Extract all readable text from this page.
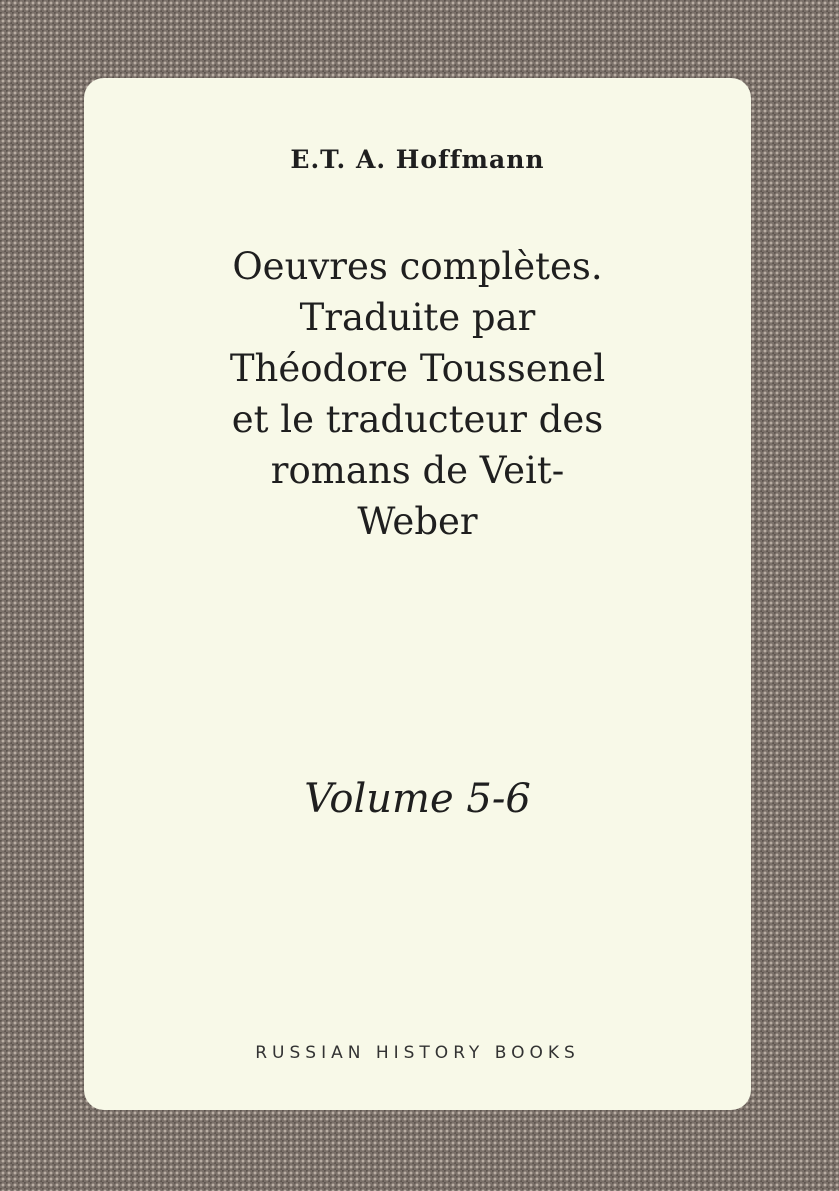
E.T. A. Hoffmann
Oeuvres complètes.
Traduite par
Théodore Toussenel
et le traducteur des
romans de Veit-
Weber
Volume 5-6
RUSSIAN HISTORY BOOKS
